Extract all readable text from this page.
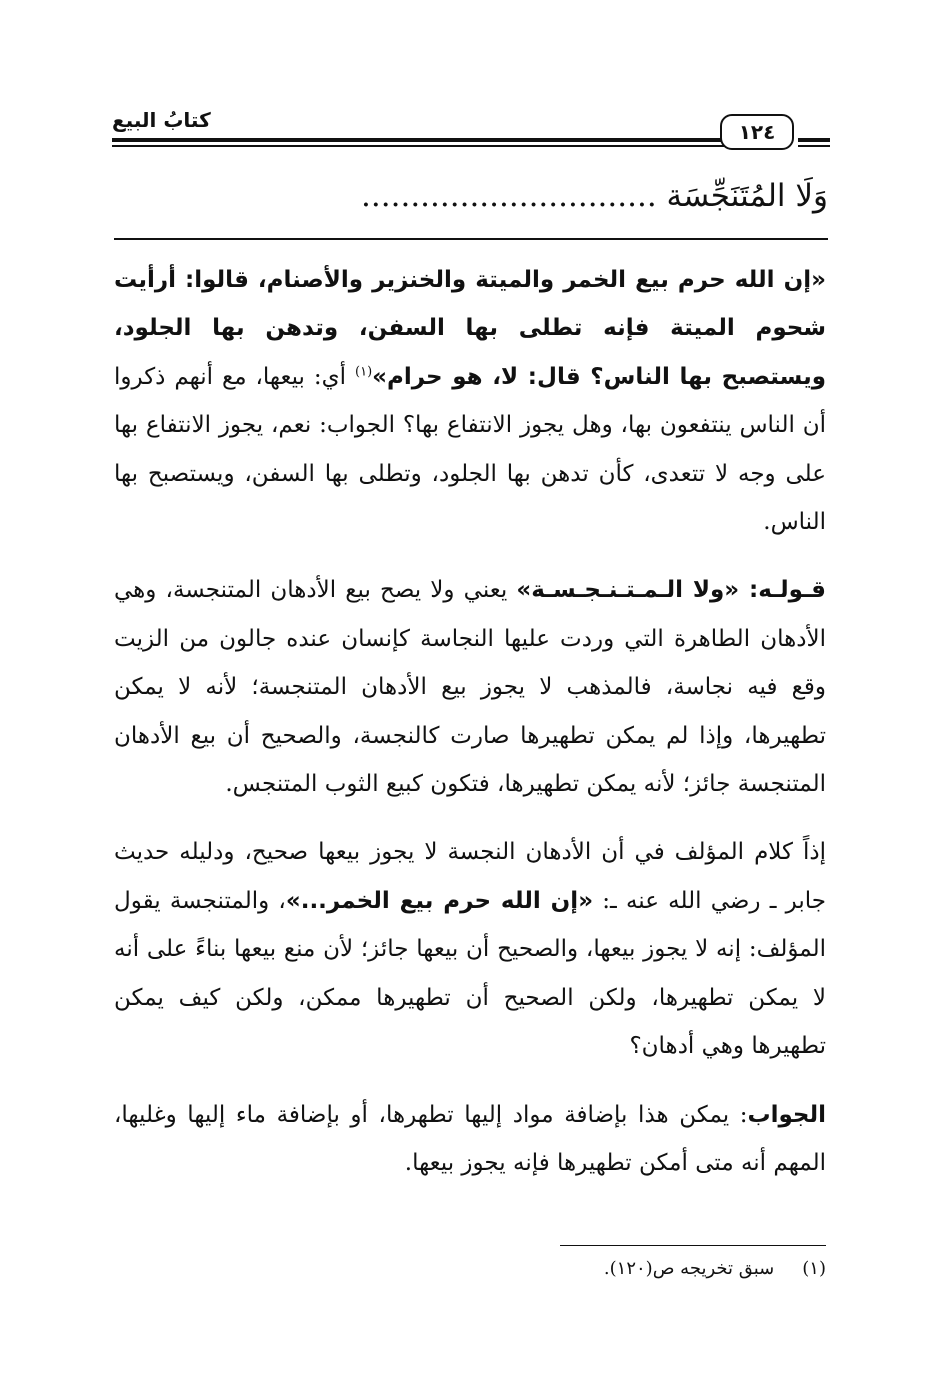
كتابُ البيع	١٢٤
وَلَا المُتَنَجِّسَة ..............................

«إن الله حرم بيع الخمر والميتة والخنزير والأصنام، قالوا: أرأيت شحوم الميتة فإنه تطلى بها السفن، وتدهن بها الجلود، ويستصبح بها الناس؟ قال: لا، هو حرام»$^{(١)}$ أي: بيعها، مع أنهم ذكروا أن الناس ينتفعون بها، وهل يجوز الانتفاع بها؟ الجواب: نعم، يجوز الانتفاع بها على وجه لا تتعدى، كأن تدهن بها الجلود، وتطلى بها السفن، ويستصبح بها الناس.

قـولـه: «ولا الـمـتـنـجـسـة» يعني ولا يصح بيع الأدهان المتنجسة، وهي الأدهان الطاهرة التي وردت عليها النجاسة كإنسان عنده جالون من الزيت وقع فيه نجاسة، فالمذهب لا يجوز بيع الأدهان المتنجسة؛ لأنه لا يمكن تطهيرها، وإذا لم يمكن تطهيرها صارت كالنجسة، والصحيح أن بيع الأدهان المتنجسة جائز؛ لأنه يمكن تطهيرها، فتكون كبيع الثوب المتنجس.

إذاً كلام المؤلف في أن الأدهان النجسة لا يجوز بيعها صحيح، ودليله حديث جابر ـ رضي الله عنه ـ: «إن الله حرم بيع الخمر...»، والمتنجسة يقول المؤلف: إنه لا يجوز بيعها، والصحيح أن بيعها جائز؛ لأن منع بيعها بناءً على أنه لا يمكن تطهيرها، ولكن الصحيح أن تطهيرها ممكن، ولكن كيف يمكن تطهيرها وهي أدهان؟

الجواب: يمكن هذا بإضافة مواد إليها تطهرها، أو بإضافة ماء إليها وغليها، المهم أنه متى أمكن تطهيرها فإنه يجوز بيعها.

(١)سبق تخريجه ص(١٢٠).
